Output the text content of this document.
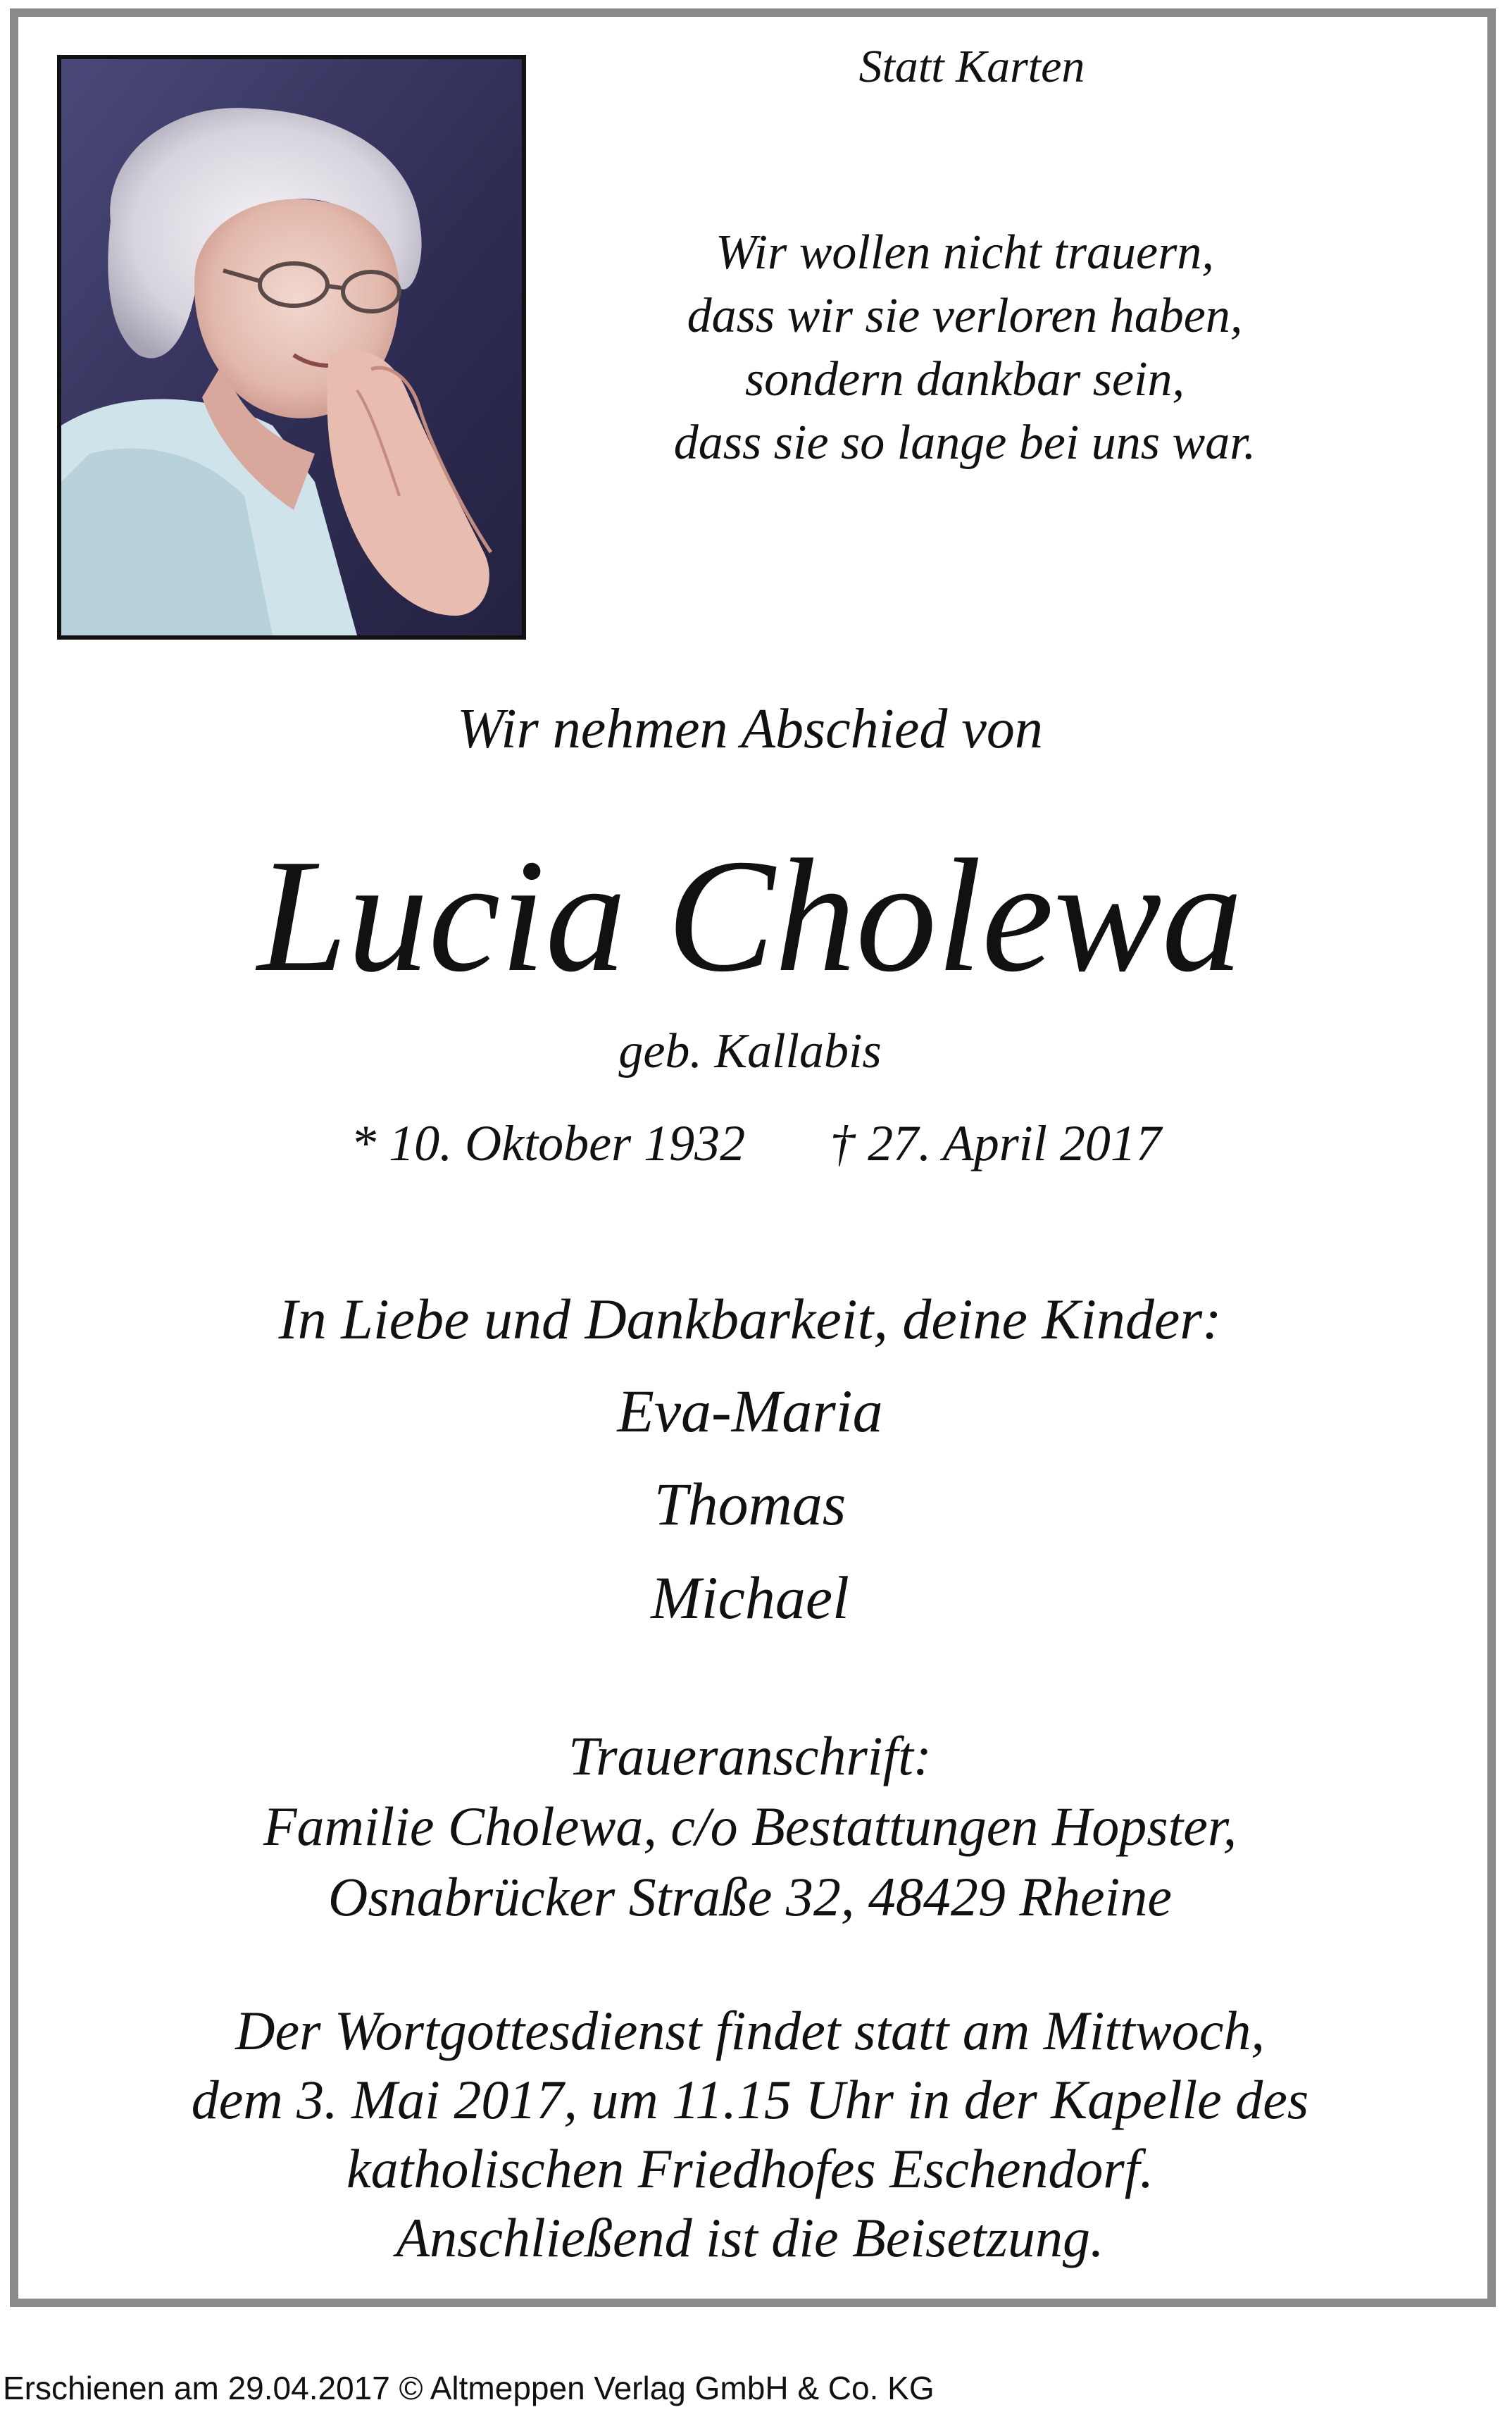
Statt Karten

Wir wollen nicht trauern,
dass wir sie verloren haben,
sondern dankbar sein,
dass sie so lange bei uns war.

Wir nehmen Abschied von

Lucia Cholewa

geb. Kallabis

* 10. Oktober 1932 † 27. April 2017

In Liebe und Dankbarkeit, deine Kinder:

Eva-Maria

Thomas

Michael

Traueranschrift:
Familie Cholewa, c/o Bestattungen Hopster,
Osnabrücker Straße 32, 48429 Rheine
Der Wortgottesdienst findet statt am Mittwoch,
dem 3. Mai 2017, um 11.15 Uhr in der Kapelle des
katholischen Friedhofes Eschendorf.
Anschließend ist die Beisetzung.

Erschienen am 29.04.2017 © Altmeppen Verlag GmbH & Co. KG
